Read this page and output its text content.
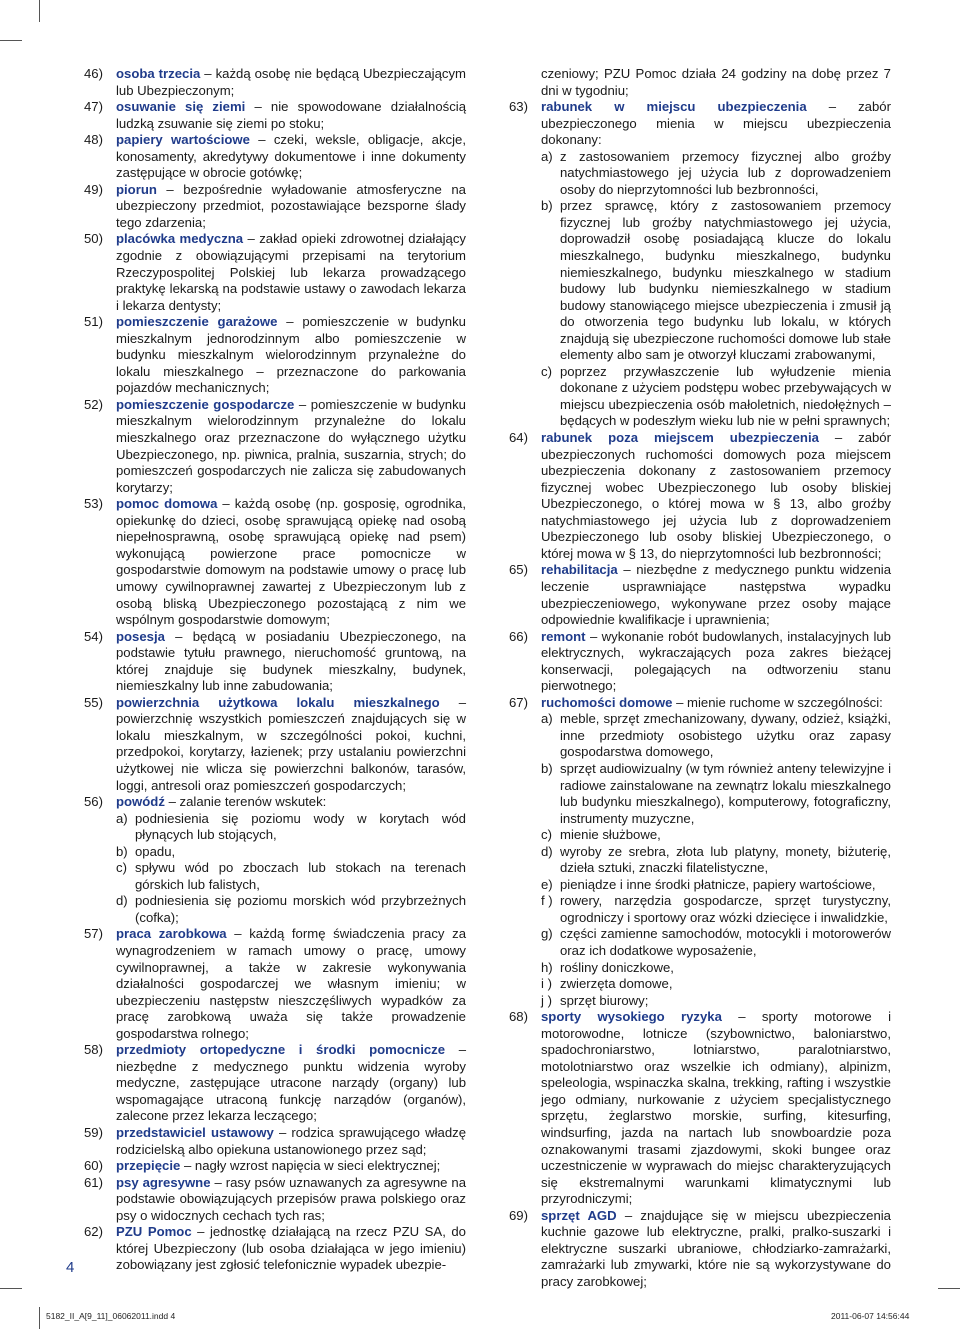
46) osoba trzecia – każdą osobę nie będącą Ubezpieczającym lub Ubezpieczonym;
47) osuwanie się ziemi – nie spowodowane działalnością ludzką zsuwanie się ziemi po stoku;
48) papiery wartościowe – czeki, weksle, obligacje, akcje, konosamenty, akredytywy dokumentowe i inne dokumenty zastępujące w obrocie gotówkę;
49) piorun – bezpośrednie wyładowanie atmosferyczne na ubezpieczony przedmiot, pozostawiające bezsporne ślady tego zdarzenia;
50) placówka medyczna – zakład opieki zdrowotnej działający zgodnie z obowiązującymi przepisami na terytorium Rzeczypospolitej Polskiej lub lekarza prowadzącego praktykę lekarską na podstawie ustawy o zawodach lekarza i lekarza dentysty;
51) pomieszczenie garażowe – pomieszczenie w budynku mieszkalnym jednorodzinnym albo pomieszczenie w budynku mieszkalnym wielorodzinnym przynależne do lokalu mieszkalnego – przeznaczone do parkowania pojazdów mechanicznych;
52) pomieszczenie gospodarcze – pomieszczenie w budynku mieszkalnym wielorodzinnym przynależne do lokalu mieszkalnego oraz przeznaczone do wyłącznego użytku Ubezpieczonego, np. piwnica, pralnia, suszarnia, strych; do pomieszczeń gospodarczych nie zalicza się zabudowanych korytarzy;
53) pomoc domowa – każdą osobę (np. gosposię, ogrodnika, opiekunkę do dzieci, osobę sprawującą opiekę nad osobą niepełnosprawną, osobę sprawującą opiekę nad psem) wykonującą powierzone prace pomocnicze w gospodarstwie domowym na podstawie umowy o pracę lub umowy cywilnoprawnej zawartej z Ubezpieczonym lub z osobą bliską Ubezpieczonego pozostającą z nim we wspólnym gospodarstwie domowym;
54) posesja – będącą w posiadaniu Ubezpieczonego, na podstawie tytułu prawnego, nieruchomość gruntową, na której znajduje się budynek mieszkalny, budynek, niemieszkalny lub inne zabudowania;
55) powierzchnia użytkowa lokalu mieszkalnego – powierzchnię wszystkich pomieszczeń znajdujących się w lokalu mieszkalnym, w szczególności pokoi, kuchni, przedpokoi, korytarzy, łazienek; przy ustalaniu powierzchni użytkowej nie wlicza się powierzchni balkonów, tarasów, loggi, antresoli oraz pomieszczeń gospodarczych;
56) powódź – zalanie terenów wskutek:
a) podniesienia się poziomu wody w korytach wód płynących lub stojących,
b) opadu,
c) spływu wód po zboczach lub stokach na terenach górskich lub falistych,
d) podniesienia się poziomu morskich wód przybrzeżnych (cofka);
57) praca zarobkowa – każdą formę świadczenia pracy za wynagrodzeniem w ramach umowy o pracę, umowy cywilnoprawnej, a także w zakresie wykonywania działalności gospodarczej we własnym imieniu; w ubezpieczeniu następstw nieszczęśliwych wypadków za pracę zarobkową uważa się także prowadzenie gospodarstwa rolnego;
58) przedmioty ortopedyczne i środki pomocnicze – niezbędne z medycznego punktu widzenia wyroby medyczne, zastępujące utracone narządy (organy) lub wspomagające utraconą funkcję narządów (organów), zalecone przez lekarza leczącego;
59) przedstawiciel ustawowy – rodzica sprawującego władzę rodzicielską albo opiekuna ustanowionego przez sąd;
60) przepięcie – nagły wzrost napięcia w sieci elektrycznej;
61) psy agresywne – rasy psów uznawanych za agresywne na podstawie obowiązujących przepisów prawa polskiego oraz psy o widocznych cechach tych ras;
62) PZU Pomoc – jednostkę działającą na rzecz PZU SA, do której Ubezpieczony (lub osoba działająca w jego imieniu) zobowiązany jest zgłosić telefonicznie wypadek ubezpie-
czeniowy; PZU Pomoc działa 24 godziny na dobę przez 7 dni w tygodniu;
63) rabunek w miejscu ubezpieczenia – zabór ubezpieczonego mienia w miejscu ubezpieczenia dokonany:
a) z zastosowaniem przemocy fizycznej albo groźby natychmiastowego jej użycia lub z doprowadzeniem osoby do nieprzytomności lub bezbronności,
b) przez sprawcę, który z zastosowaniem przemocy fizycznej lub groźby natychmiastowego jej użycia, doprowadził osobę posiadającą klucze do lokalu mieszkalnego, budynku mieszkalnego, budynku niemieszkalnego, budynku mieszkalnego w stadium budowy lub budynku niemieszkalnego w stadium budowy stanowiącego miejsce ubezpieczenia i zmusił ją do otworzenia tego budynku lub lokalu, w których znajdują się ubezpieczone ruchomości domowe lub stałe elementy albo sam je otworzył kluczami zrabowanymi,
c) poprzez przywłaszczenie lub wyłudzenie mienia dokonane z użyciem podstępu wobec przebywających w miejscu ubezpieczenia osób małoletnich, niedołężnych – będących w podeszłym wieku lub nie w pełni sprawnych;
64) rabunek poza miejscem ubezpieczenia – zabór ubezpieczonych ruchomości domowych poza miejscem ubezpieczenia dokonany z zastosowaniem przemocy fizycznej wobec Ubezpieczonego lub osoby bliskiej Ubezpieczonego, o której mowa w § 13, albo groźby natychmiastowego jej użycia lub z doprowadzeniem Ubezpieczonego lub osoby bliskiej Ubezpieczonego, o której mowa w § 13, do nieprzytomności lub bezbronności;
65) rehabilitacja – niezbędne z medycznego punktu widzenia leczenie usprawniające następstwa wypadku ubezpieczeniowego, wykonywane przez osoby mające odpowiednie kwalifikacje i uprawnienia;
66) remont – wykonanie robót budowlanych, instalacyjnych lub elektrycznych, wykraczających poza zakres bieżącej konserwacji, polegających na odtworzeniu stanu pierwotnego;
67) ruchomości domowe – mienie ruchome w szczególności:
a) meble, sprzęt zmechanizowany, dywany, odzież, książki, inne przedmioty osobistego użytku oraz zapasy gospodarstwa domowego,
b) sprzęt audiowizualny (w tym również anteny telewizyjne i radiowe zainstalowane na zewnątrz lokalu mieszkalnego lub budynku mieszkalnego), komputerowy, fotograficzny, instrumenty muzyczne,
c) mienie służbowe,
d) wyroby ze srebra, złota lub platyny, monety, biżuterię, dzieła sztuki, znaczki filatelistyczne,
e) pieniądze i inne środki płatnicze, papiery wartościowe,
f ) rowery, narzędzia gospodarcze, sprzęt turystyczny, ogrodniczy i sportowy oraz wózki dziecięce i inwalidzkie,
g) części zamienne samochodów, motocykli i motorowerów oraz ich dodatkowe wyposażenie,
h) rośliny doniczkowe,
i ) zwierzęta domowe,
j ) sprzęt biurowy;
68) sporty wysokiego ryzyka – sporty motorowe i motorowodne, lotnicze (szybownictwo, baloniarstwo, spadochroniarstwo, lotniarstwo, paralotniarstwo, motolotniarstwo oraz wszelkie ich odmiany), alpinizm, speleologia, wspinaczka skalna, trekking, rafting i wszystkie jego odmiany, nurkowanie z użyciem specjalistycznego sprzętu, żeglarstwo morskie, surfing, kitesurfing, windsurfing, jazda na nartach lub snowboardzie poza oznakowanymi trasami zjazdowymi, skoki bungee oraz uczestniczenie w wyprawach do miejsc charakteryzujących się ekstremalnymi warunkami klimatycznymi lub przyrodniczymi;
69) sprzęt AGD – znajdujące się w miejscu ubezpieczenia kuchnie gazowe lub elektryczne, pralki, pralko-suszarki i elektryczne suszarki ubraniowe, chłodziarko-zamrażarki, zamrażarki lub zmywarki, które nie są wykorzystywane do pracy zarobkowej;
4
5182_II_A[9_11]_06062011.indd 4	2011-06-07 14:56:44
